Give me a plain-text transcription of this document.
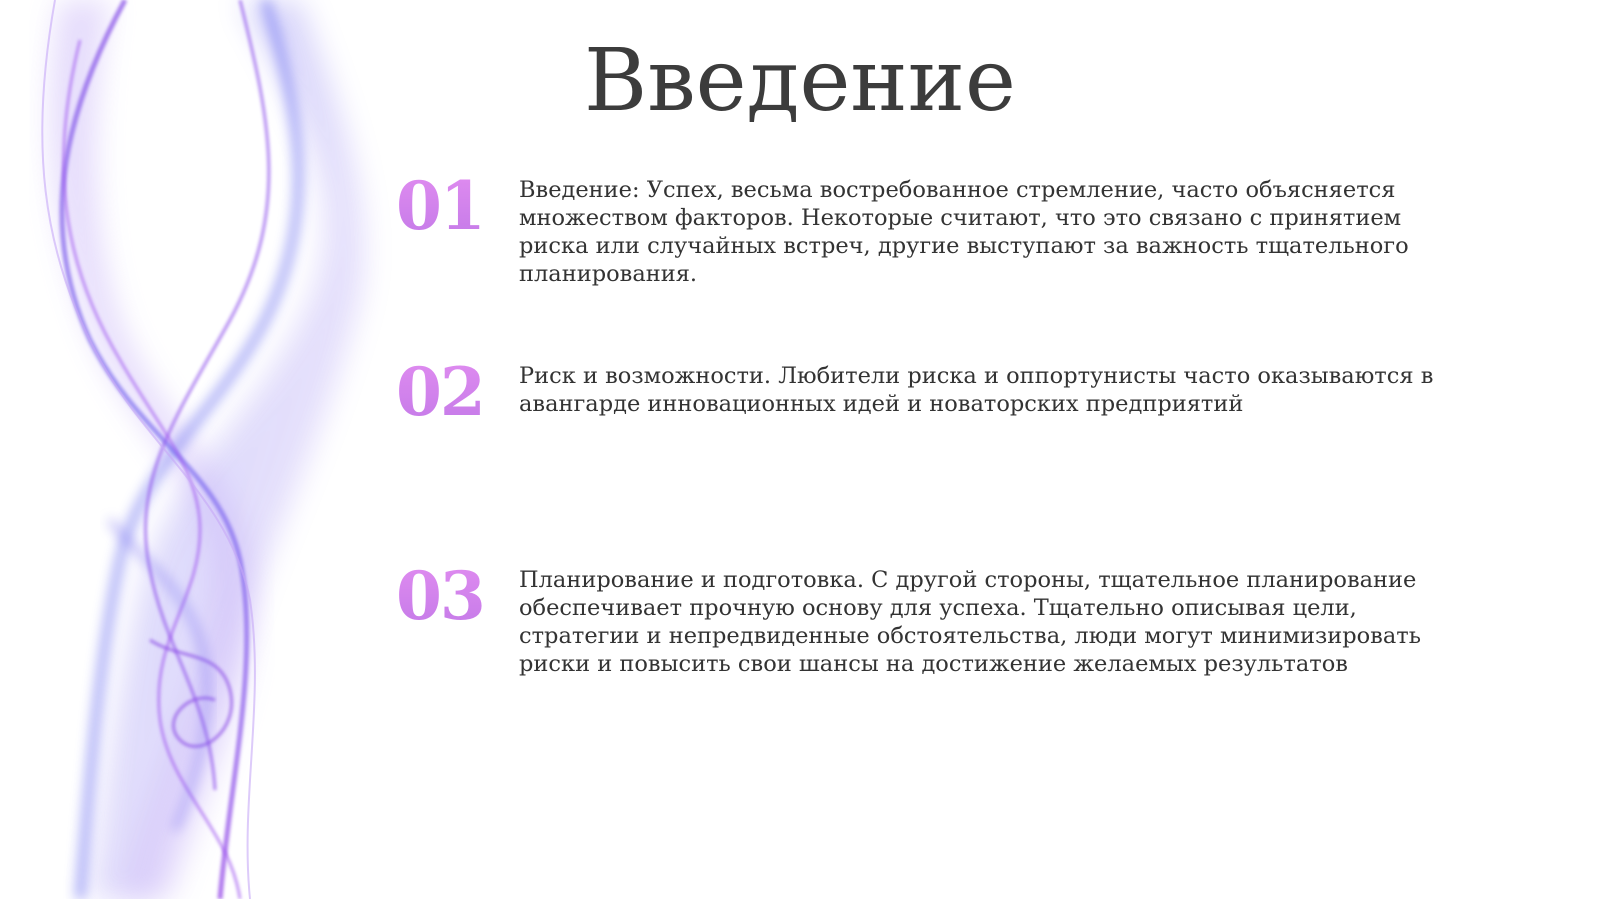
Введение
01 Введение: Успех, весьма востребованное стремление, часто объясняется множеством факторов. Некоторые считают, что это связано с принятием риска или случайных встреч, другие выступают за важность тщательного планирования.

02 Риск и возможности. Любители риска и оппортунисты часто оказываются в авангарде инновационных идей и новаторских предприятий

03 Планирование и подготовка. С другой стороны, тщательное планирование обеспечивает прочную основу для успеха. Тщательно описывая цели, стратегии и непредвиденные обстоятельства, люди могут минимизировать риски и повысить свои шансы на достижение желаемых результатов
